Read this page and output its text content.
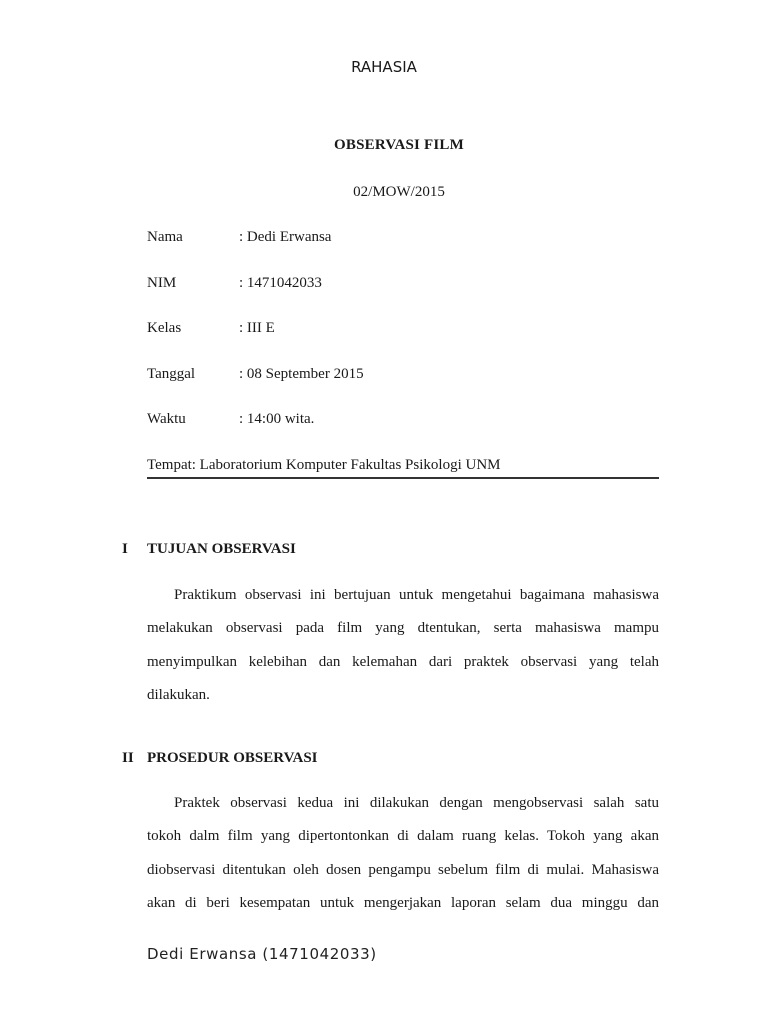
RAHASIA
OBSERVASI FILM
02/MOW/2015
Nama	: Dedi Erwansa
NIM	: 1471042033
Kelas	: III E
Tanggal	: 08 September 2015
Waktu	: 14:00 wita.
Tempat: Laboratorium Komputer Fakultas Psikologi UNM
I TUJUAN OBSERVASI
Praktikum observasi ini bertujuan untuk mengetahui bagaimana mahasiswa
melakukan observasi pada film yang dtentukan, serta mahasiswa mampu
menyimpulkan kelebihan dan kelemahan dari praktek observasi yang telah
dilakukan.
II PROSEDUR OBSERVASI
Praktek observasi kedua ini dilakukan dengan mengobservasi salah satu
tokoh dalm film yang dipertontonkan di dalam ruang kelas. Tokoh yang akan
diobservasi ditentukan oleh dosen pengampu sebelum film di mulai. Mahasiswa
akan di beri kesempatan untuk mengerjakan laporan selam dua minggu dan
Dedi Erwansa (1471042033)
